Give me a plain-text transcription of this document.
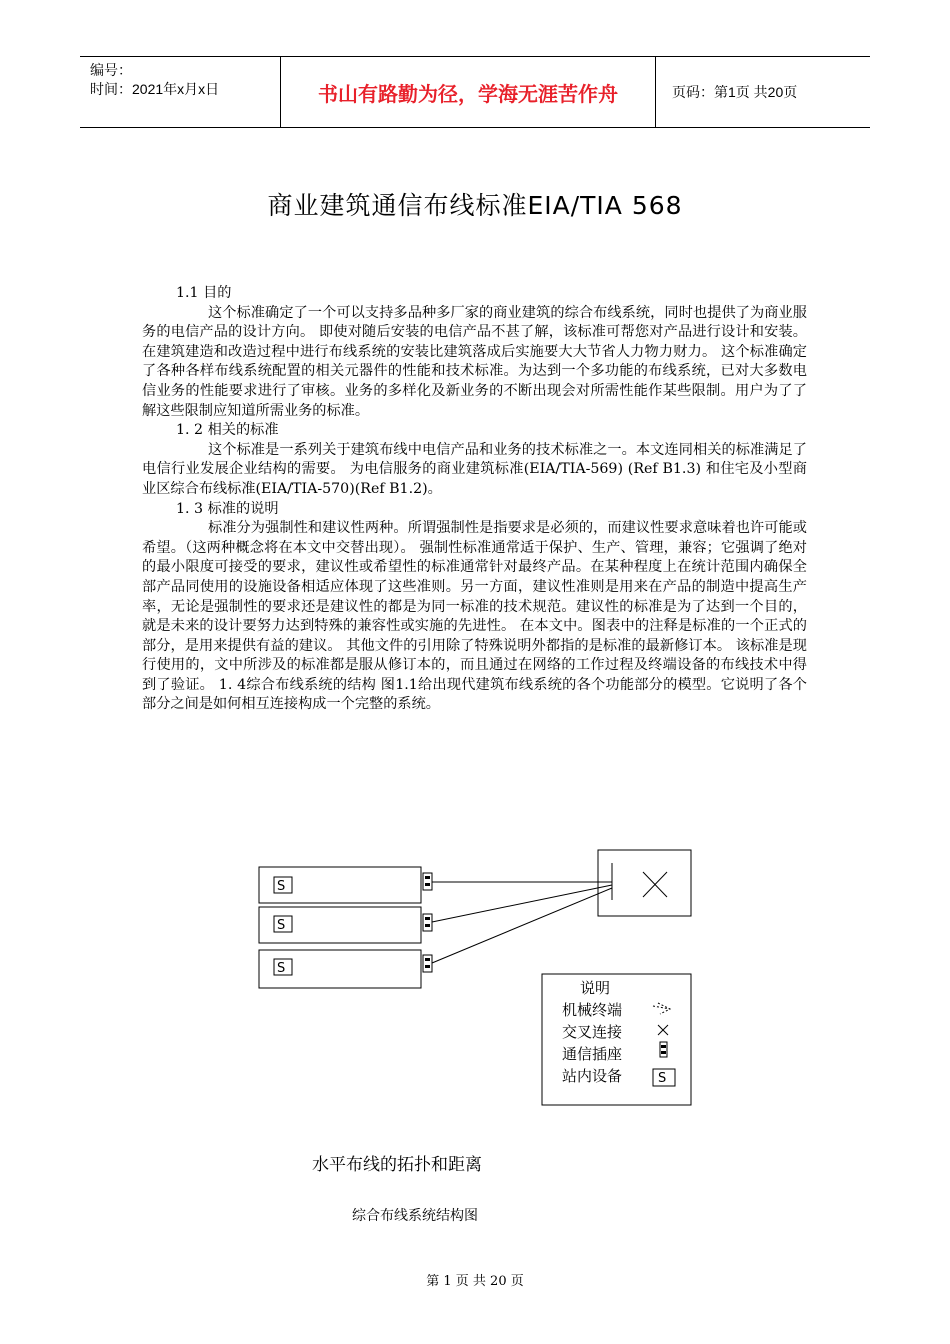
编号：
时间：2021年x月x日	书山有路勤为径，学海无涯苦作舟	页码：第1页 共20页
商业建筑通信布线标准EIA/TIA 568
1.1 目的

这个标准确定了一个可以支持多品种多厂家的商业建筑的综合布线系统，同时也提供了为商业服务的电信产品的设计方向。 即使对随后安装的电信产品不甚了解，该标准可帮您对产品进行设计和安装。在建筑建造和改造过程中进行布线系统的安装比建筑落成后实施要大大节省人力物力财力。 这个标准确定了各种各样布线系统配置的相关元器件的性能和技术标准。为达到一个多功能的布线系统，已对大多数电信业务的性能要求进行了审核。业务的多样化及新业务的不断出现会对所需性能作某些限制。用户为了了解这些限制应知道所需业务的标准。

1. 2 相关的标准

这个标准是一系列关于建筑布线中电信产品和业务的技术标准之一。本文连同相关的标准满足了电信行业发展企业结构的需要。 为电信服务的商业建筑标准(EIA/TIA-569) (Ref B1.3) 和住宅及小型商业区综合布线标准(EIA/TIA-570)(Ref B1.2)。

1. 3 标准的说明

标准分为强制性和建议性两种。所谓强制性是指要求是必须的，而建议性要求意味着也许可能或希望。（这两种概念将在本文中交替出现）。 强制性标准通常适于保护、生产、管理，兼容；它强调了绝对的最小限度可接受的要求，建议性或希望性的标准通常针对最终产品。在某种程度上在统计范围内确保全部产品同使用的设施设备相适应体现了这些准则。另一方面，建议性准则是用来在产品的制造中提高生产率，无论是强制性的要求还是建议性的都是为同一标准的技术规范。建议性的标准是为了达到一个目的，就是未来的设计要努力达到特殊的兼容性或实施的先进性。 在本文中。图表中的注释是标准的一个正式的部分，是用来提供有益的建议。 其他文件的引用除了特殊说明外都指的是标准的最新修订本。 该标准是现行使用的，文中所涉及的标准都是服从修订本的，而且通过在网络的工作过程及终端设备的布线技术中得到了验证。 1. 4综合布线系统的结构 图1.1给出现代建筑布线系统的各个功能部分的模型。它说明了各个部分之间是如何相互连接构成一个完整的系统。

S
S
S
S
说明
机械终端
交叉连接
通信插座
站内设备
水平布线的拓扑和距离
综合布线系统结构图
第 1 页 共 20 页
